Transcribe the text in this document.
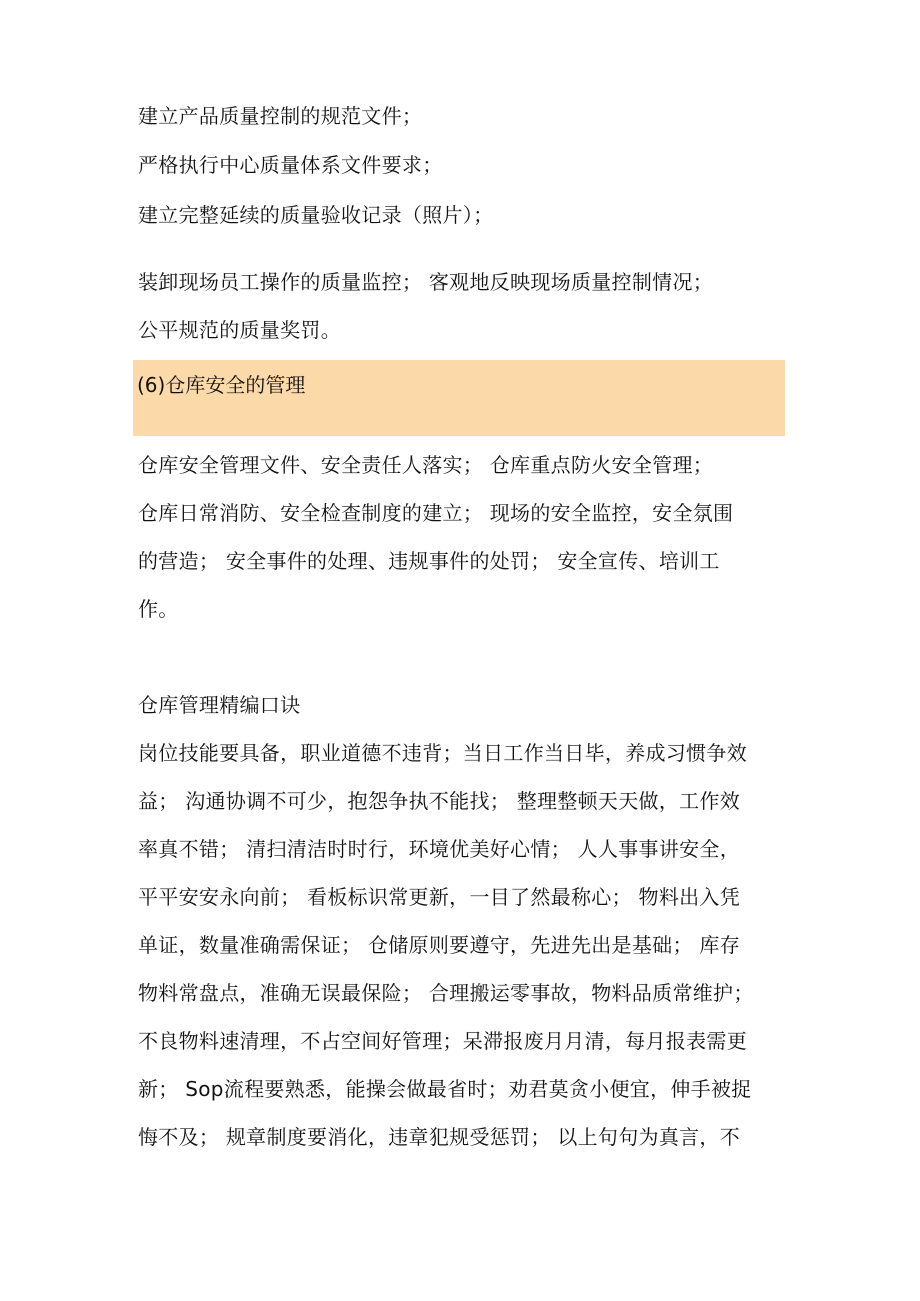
建立产品质量控制的规范文件；
严格执行中心质量体系文件要求；
建立完整延续的质量验收记录（照片）；
装卸现场员工操作的质量监控； 客观地反映现场质量控制情况；
公平规范的质量奖罚。
(6)仓库安全的管理
仓库安全管理文件、安全责任人落实； 仓库重点防火安全管理；
仓库日常消防、安全检查制度的建立； 现场的安全监控，安全氛围
的营造； 安全事件的处理、违规事件的处罚； 安全宣传、培训工
作。
仓库管理精编口诀
岗位技能要具备，职业道德不违背；当日工作当日毕，养成习惯争效
益； 沟通协调不可少，抱怨争执不能找； 整理整顿天天做，工作效
率真不错； 清扫清洁时时行，环境优美好心情； 人人事事讲安全，
平平安安永向前； 看板标识常更新，一目了然最称心； 物料出入凭
单证，数量准确需保证； 仓储原则要遵守，先进先出是基础； 库存
物料常盘点，准确无误最保险； 合理搬运零事故，物料品质常维护；
不良物料速清理，不占空间好管理；呆滞报废月月清，每月报表需更
新； Sop流程要熟悉，能操会做最省时；劝君莫贪小便宜，伸手被捉
悔不及； 规章制度要消化，违章犯规受惩罚； 以上句句为真言，不
